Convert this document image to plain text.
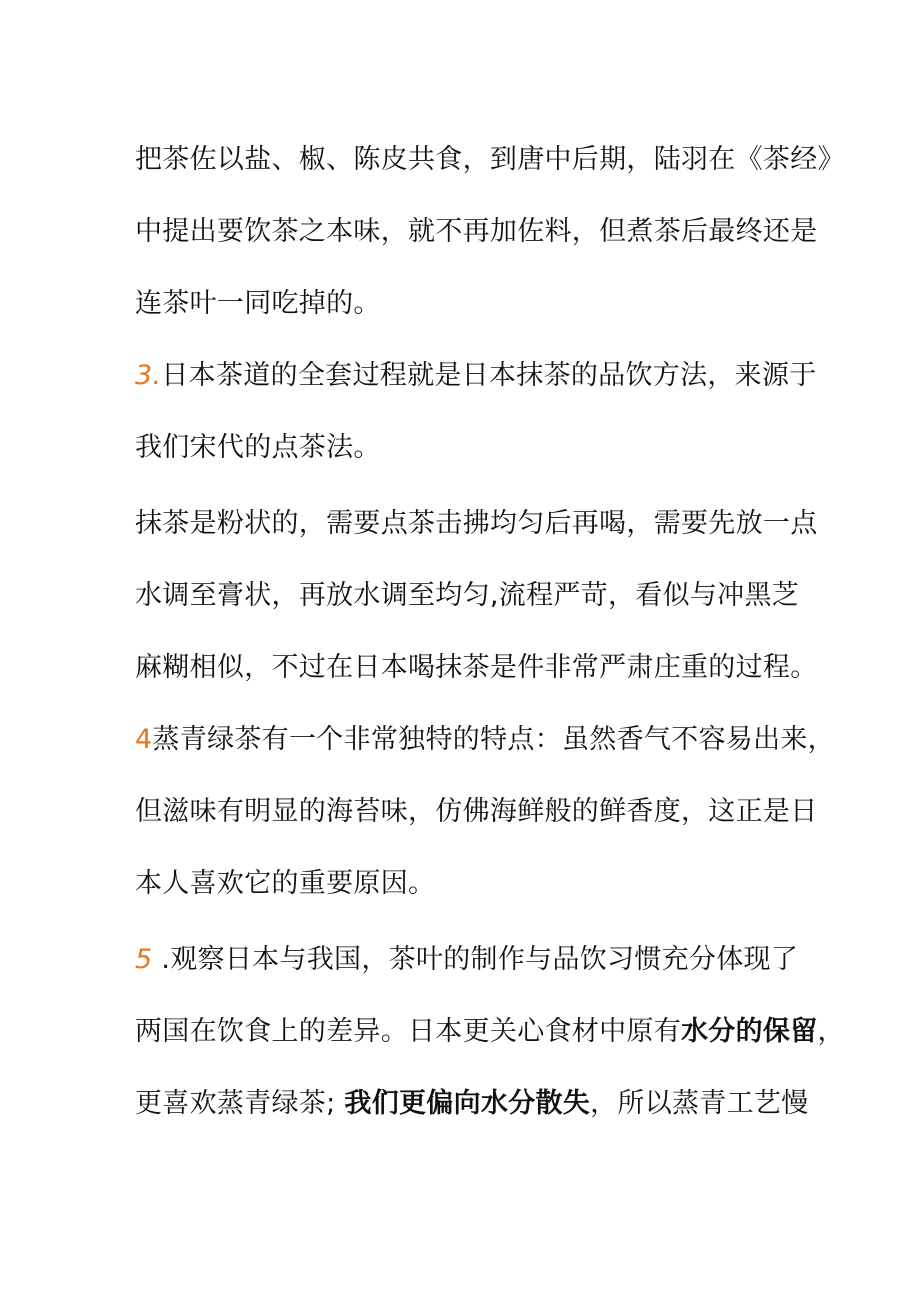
把茶佐以盐、椒、陈皮共食，到唐中后期，陆羽在《茶经》
中提出要饮茶之本味，就不再加佐料，但煮茶后最终还是
连茶叶一同吃掉的。
3.日本茶道的全套过程就是日本抹茶的品饮方法，来源于
我们宋代的点茶法。
抹茶是粉状的，需要点茶击拂均匀后再喝，需要先放一点
水调至膏状，再放水调至均匀,流程严苛，看似与冲黑芝
麻糊相似，不过在日本喝抹茶是件非常严肃庄重的过程。
4蒸青绿茶有一个非常独特的特点：虽然香气不容易出来，
但滋味有明显的海苔味，仿佛海鲜般的鲜香度，这正是日
本人喜欢它的重要原因。
5 .观察日本与我国，茶叶的制作与品饮习惯充分体现了
两国在饮食上的差异。日本更关心食材中原有水分的保留，
更喜欢蒸青绿茶; 我们更偏向水分散失，所以蒸青工艺慢
